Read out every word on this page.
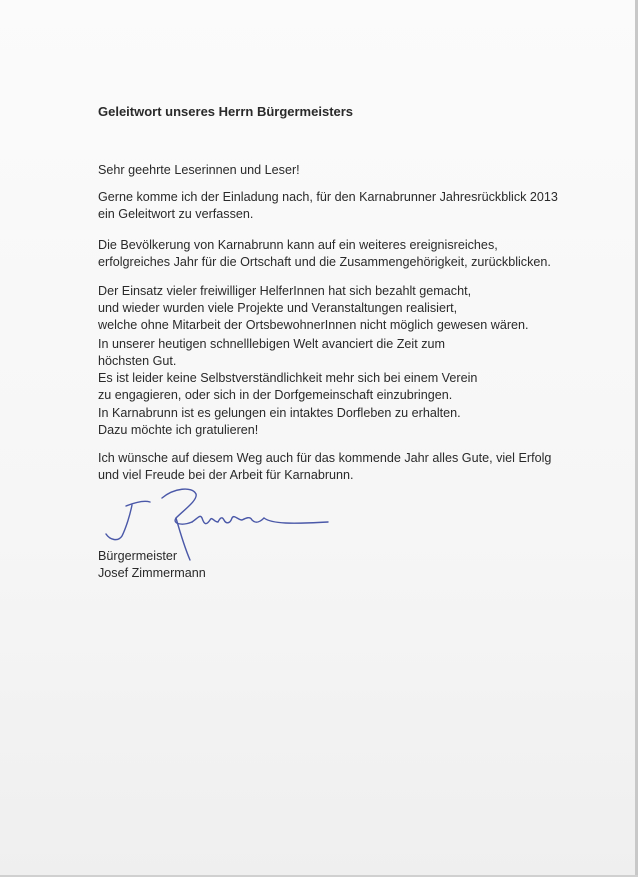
Geleitwort unseres Herrn Bürgermeisters
Sehr geehrte Leserinnen und Leser!
Gerne komme ich der Einladung nach, für den Karnabrunner Jahresrückblick 2013
ein Geleitwort zu verfassen.
Die Bevölkerung von Karnabrunn kann auf ein weiteres ereignisreiches,
erfolgreiches Jahr für die Ortschaft und die Zusammengehörigkeit, zurückblicken.
Der Einsatz vieler freiwilliger HelferInnen hat sich bezahlt gemacht,
und wieder wurden viele Projekte und Veranstaltungen realisiert,
welche ohne Mitarbeit der OrtsbewohnerInnen nicht möglich gewesen wären.
In unserer heutigen schnelllebigen Welt avanciert die Zeit zum
höchsten Gut.
Es ist leider keine Selbstverständlichkeit mehr sich bei einem Verein
zu engagieren, oder sich in der Dorfgemeinschaft einzubringen.
In Karnabrunn ist es gelungen ein intaktes Dorfleben zu erhalten.
Dazu möchte ich gratulieren!
Ich wünsche auf diesem Weg auch für das kommende Jahr alles Gute, viel Erfolg
und viel Freude bei der Arbeit für Karnabrunn.
Bürgermeister
Josef Zimmermann
